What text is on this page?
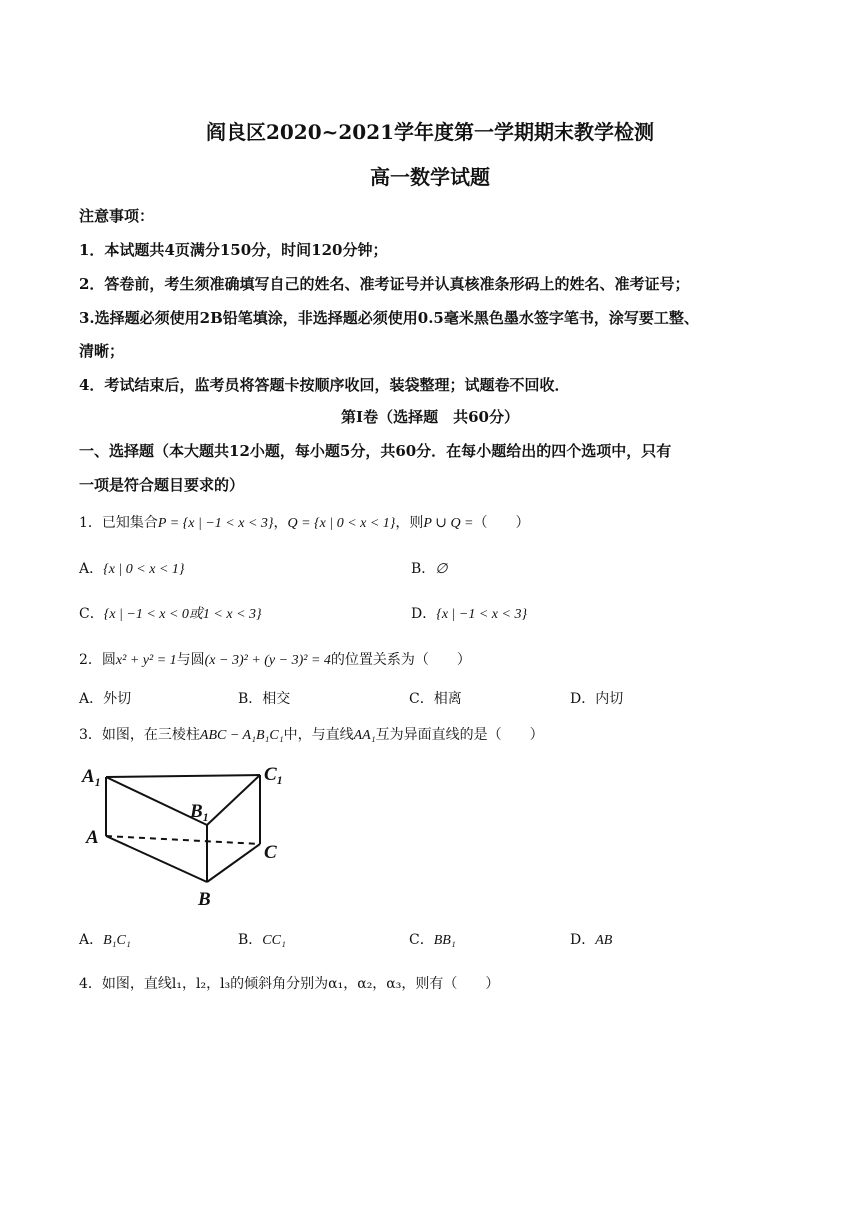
阎良区2020~2021学年度第一学期期末教学检测
高一数学试题
注意事项：
1．本试题共4页满分150分，时间120分钟；
2．答卷前，考生须准确填写自己的姓名、准考证号并认真核准条形码上的姓名、准考证号；
3.选择题必须使用2B铅笔填涂，非选择题必须使用0.5毫米黑色墨水签字笔书，涂写要工整、
清晰；
4．考试结束后，监考员将答题卡按顺序收回，装袋整理；试题卷不回收．
第Ⅰ卷（选择题　共60分）
一、选择题（本大题共12小题，每小题5分，共60分．在每小题给出的四个选项中，只有
一项是符合题目要求的）
1．已知集合P = {x | −1 < x < 3}，Q = {x | 0 < x < 1}，则P ∪ Q =（　　）
A．{x | 0 < x < 1}	B．∅
C．{x | −1 < x < 0或1 < x < 3}	D．{x | −1 < x < 3}
2．圆x² + y² = 1与圆(x − 3)² + (y − 3)² = 4的位置关系为（　　）
A．外切	B．相交	C．相离	D．内切
3．如图，在三棱柱ABC − A₁B₁C₁中，与直线AA₁互为异面直线的是（　　）
A₁
B₁
C₁
A
B
C
A．B₁C₁	B．CC₁	C．BB₁	D．AB
4．如图，直线l₁，l₂，l₃的倾斜角分别为α₁，α₂，α₃，则有（　　）
